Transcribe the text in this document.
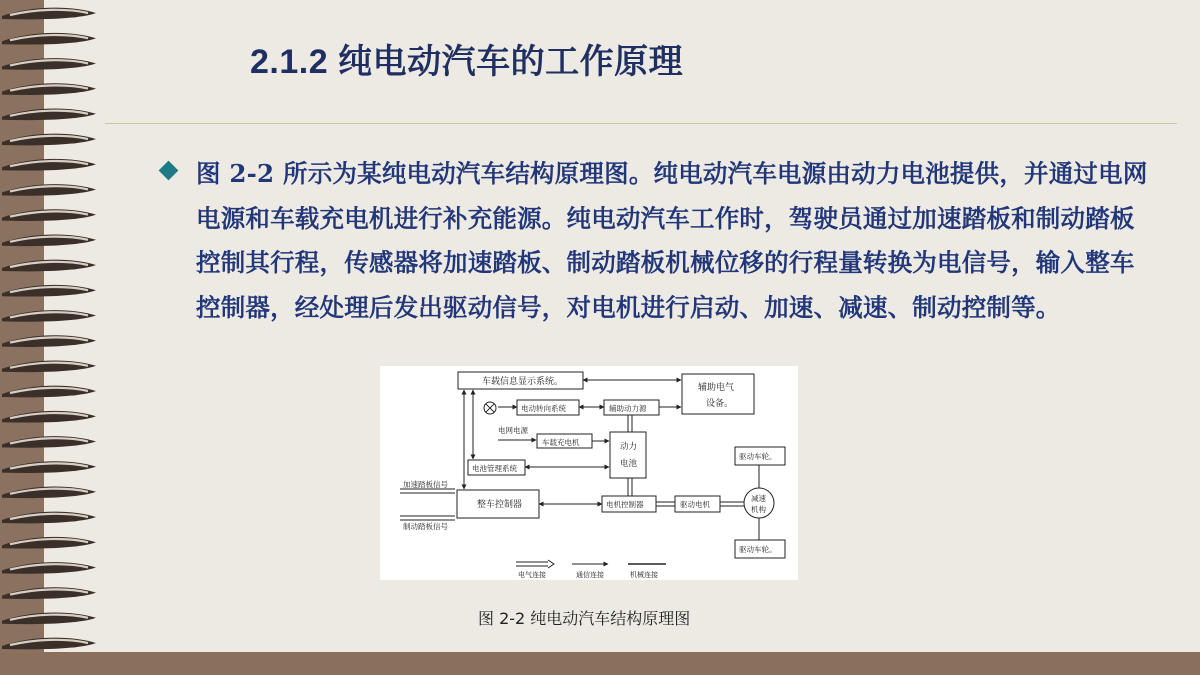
2.1.2 纯电动汽车的工作原理

图 2-2 所示为某纯电动汽车结构原理图。纯电动汽车电源由动力电池提供，并通过电网电源和车载充电机进行补充能源。纯电动汽车工作时，驾驶员通过加速踏板和制动踏板控制其行程，传感器将加速踏板、制动踏板机械位移的行程量转换为电信号，输入整车控制器，经处理后发出驱动信号，对电机进行启动、加速、减速、制动控制等。

车载信息显示系统。
辅助电气
设备。
电动转向系统	辅助动力源
电网电源
车载充电机	动力
电池
电池管理系统
加速踏板信号
制动踏板信号
整车控制器	电机控制器	驱动电机
减速
机构
驱动车轮。
驱动车轮。
电气连接	通信连接	机械连接

图 2-2 纯电动汽车结构原理图
